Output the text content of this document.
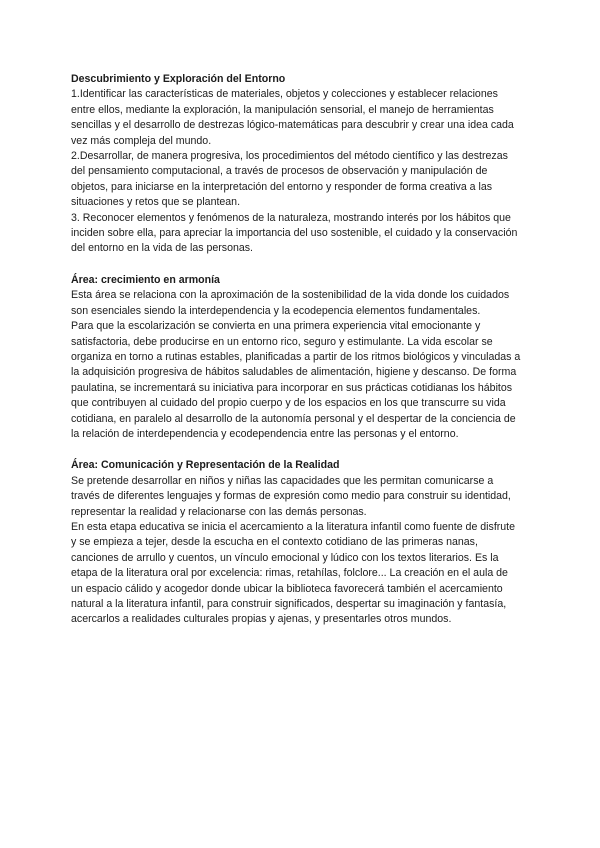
Descubrimiento y Exploración del Entorno

1.Identificar las características de materiales, objetos y colecciones y establecer relaciones entre ellos, mediante la exploración, la manipulación sensorial, el manejo de herramientas sencillas y el desarrollo de destrezas lógico-matemáticas para descubrir y crear una idea cada vez más compleja del mundo.

2.Desarrollar, de manera progresiva, los procedimientos del método científico y las destrezas del pensamiento computacional, a través de procesos de observación y manipulación de objetos, para iniciarse en la interpretación del entorno y responder de forma creativa a las situaciones y retos que se plantean.

3. Reconocer elementos y fenómenos de la naturaleza, mostrando interés por los hábitos que inciden sobre ella, para apreciar la importancia del uso sostenible, el cuidado y la conservación del entorno en la vida de las personas.

Área: crecimiento en armonía

Esta área se relaciona con la aproximación de la sostenibilidad de la vida donde los cuidados son esenciales siendo la interdependencia y la ecodepencia elementos fundamentales.

Para que la escolarización se convierta en una primera experiencia vital emocionante y satisfactoria, debe producirse en un entorno rico, seguro y estimulante. La vida escolar se organiza en torno a rutinas estables, planificadas a partir de los ritmos biológicos y vinculadas a la adquisición progresiva de hábitos saludables de alimentación, higiene y descanso. De forma paulatina, se incrementará su iniciativa para incorporar en sus prácticas cotidianas los hábitos que contribuyen al cuidado del propio cuerpo y de los espacios en los que transcurre su vida cotidiana, en paralelo al desarrollo de la autonomía personal y el despertar de la conciencia de la relación de interdependencia y ecodependencia entre las personas y el entorno.

Área: Comunicación y Representación de la Realidad

Se pretende desarrollar en niños y niñas las capacidades que les permitan comunicarse a través de diferentes lenguajes y formas de expresión como medio para construir su identidad, representar la realidad y relacionarse con las demás personas.

En esta etapa educativa se inicia el acercamiento a la literatura infantil como fuente de disfrute y se empieza a tejer, desde la escucha en el contexto cotidiano de las primeras nanas, canciones de arrullo y cuentos, un vínculo emocional y lúdico con los textos literarios. Es la etapa de la literatura oral por excelencia: rimas, retahílas, folclore... La creación en el aula de un espacio cálido y acogedor donde ubicar la biblioteca favorecerá también el acercamiento natural a la literatura infantil, para construir significados, despertar su imaginación y fantasía, acercarlos a realidades culturales propias y ajenas, y presentarles otros mundos.
